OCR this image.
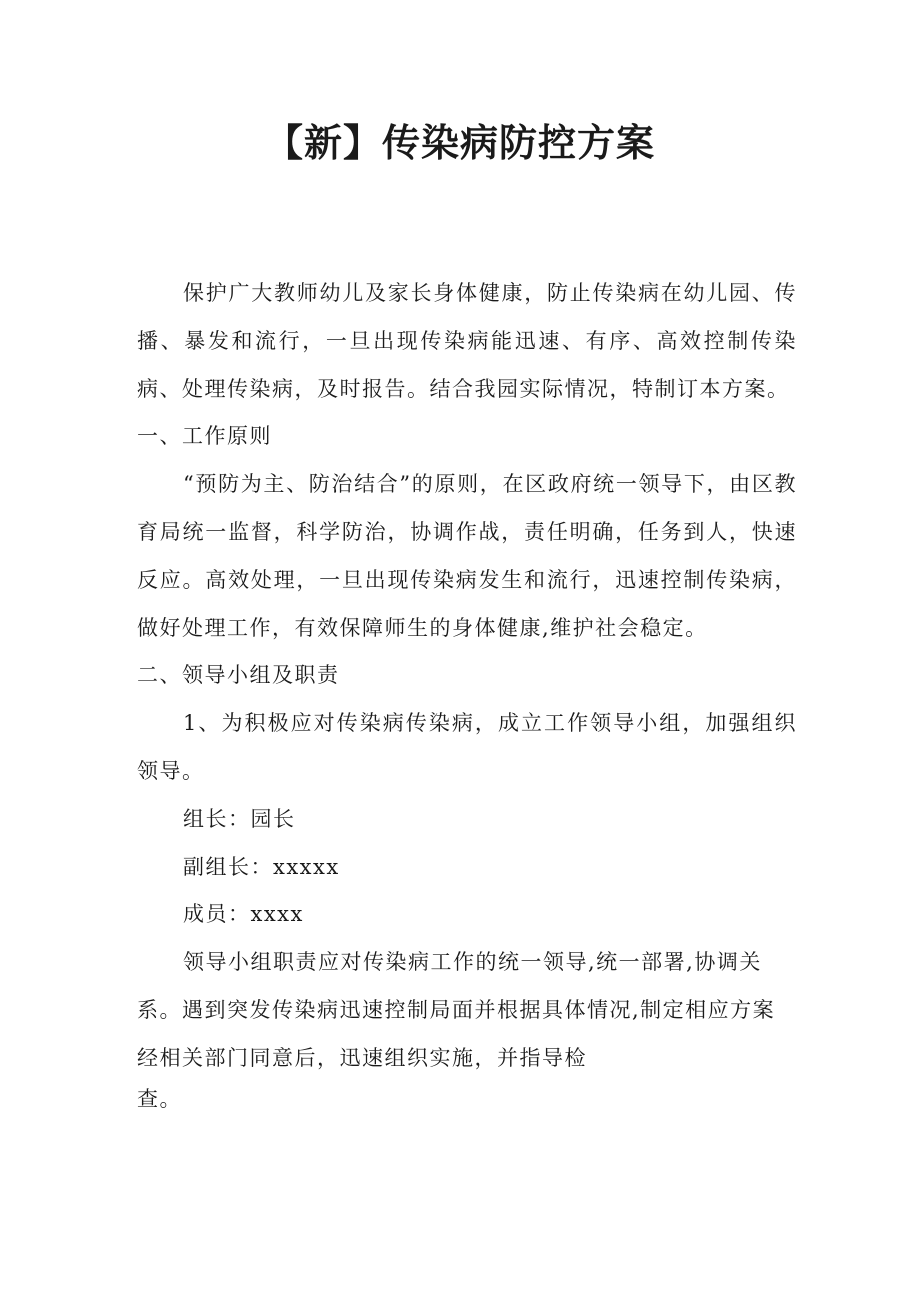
【新】传染病防控方案

保护广大教师幼儿及家长身体健康，防止传染病在幼儿园、传播、暴发和流行，一旦出现传染病能迅速、有序、高效控制传染病、处理传染病，及时报告。结合我园实际情况，特制订本方案。

一、工作原则

“预防为主、防治结合”的原则，在区政府统一领导下，由区教育局统一监督，科学防治，协调作战，责任明确，任务到人，快速反应。高效处理，一旦出现传染病发生和流行，迅速控制传染病，做好处理工作，有效保障师生的身体健康,维护社会稳定。

二、领导小组及职责

1、为积极应对传染病传染病，成立工作领导小组，加强组织领导。

组长：园长

副组长：xxxxx

成员：xxxx

领导小组职责应对传染病工作的统一领导,统一部署,协调关
系。遇到突发传染病迅速控制局面并根据具体情况,制定相应方案
经相关部门同意后，迅速组织实施，并指导检
查。
